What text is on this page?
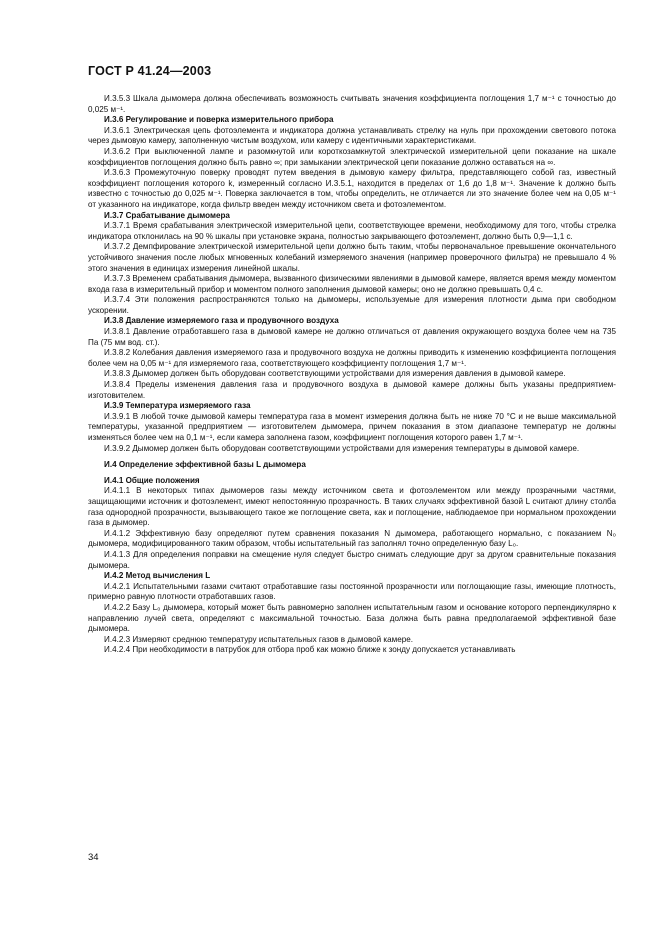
ГОСТ Р 41.24—2003

И.3.5.3 Шкала дымомера должна обеспечивать возможность считывать значения коэффициента поглощения 1,7 м⁻¹ с точностью до 0,025 м⁻¹.

И.3.6 Регулирование и поверка измерительного прибора

И.3.6.1 Электрическая цепь фотоэлемента и индикатора должна устанавливать стрелку на нуль при прохождении светового потока через дымовую камеру, заполненную чистым воздухом, или камеру с идентичными характеристиками.

И.3.6.2 При выключенной лампе и разомкнутой или короткозамкнутой электрической измерительной цепи показание на шкале коэффициентов поглощения должно быть равно ∞; при замыкании электрической цепи показание должно оставаться на ∞.

И.3.6.3 Промежуточную поверку проводят путем введения в дымовую камеру фильтра, представляющего собой газ, известный коэффициент поглощения которого k, измеренный согласно И.3.5.1, находится в пределах от 1,6 до 1,8 м⁻¹. Значение k должно быть известно с точностью до 0,025 м⁻¹. Поверка заключается в том, чтобы определить, не отличается ли это значение более чем на 0,05 м⁻¹ от указанного на индикаторе, когда фильтр введен между источником света и фотоэлементом.

И.3.7 Срабатывание дымомера

И.3.7.1 Время срабатывания электрической измерительной цепи, соответствующее времени, необходимому для того, чтобы стрелка индикатора отклонилась на 90 % шкалы при установке экрана, полностью закрывающего фотоэлемент, должно быть 0,9—1,1 с.

И.3.7.2 Демпфирование электрической измерительной цепи должно быть таким, чтобы первоначальное превышение окончательного устойчивого значения после любых мгновенных колебаний измеряемого значения (например проверочного фильтра) не превышало 4 % этого значения в единицах измерения линейной шкалы.

И.3.7.3 Временем срабатывания дымомера, вызванного физическими явлениями в дымовой камере, является время между моментом входа газа в измерительный прибор и моментом полного заполнения дымовой камеры; оно не должно превышать 0,4 с.

И.3.7.4 Эти положения распространяются только на дымомеры, используемые для измерения плотности дыма при свободном ускорении.

И.3.8 Давление измеряемого газа и продувочного воздуха

И.3.8.1 Давление отработавшего газа в дымовой камере не должно отличаться от давления окружающего воздуха более чем на 735 Па (75 мм вод. ст.).

И.3.8.2 Колебания давления измеряемого газа и продувочного воздуха не должны приводить к изменению коэффициента поглощения более чем на 0,05 м⁻¹ для измеряемого газа, соответствующего коэффициенту поглощения 1,7 м⁻¹.

И.3.8.3 Дымомер должен быть оборудован соответствующими устройствами для измерения давления в дымовой камере.

И.3.8.4 Пределы изменения давления газа и продувочного воздуха в дымовой камере должны быть указаны предприятием-изготовителем.

И.3.9 Температура измеряемого газа

И.3.9.1 В любой точке дымовой камеры температура газа в момент измерения должна быть не ниже 70 °С и не выше максимальной температуры, указанной предприятием — изготовителем дымомера, причем показания в этом диапазоне температур не должны изменяться более чем на 0,1 м⁻¹, если камера заполнена газом, коэффициент поглощения которого равен 1,7 м⁻¹.

И.3.9.2 Дымомер должен быть оборудован соответствующими устройствами для измерения температуры в дымовой камере.

И.4 Определение эффективной базы L дымомера

И.4.1 Общие положения

И.4.1.1 В некоторых типах дымомеров газы между источником света и фотоэлементом или между прозрачными частями, защищающими источник и фотоэлемент, имеют непостоянную прозрачность. В таких случаях эффективной базой L считают длину столба газа однородной прозрачности, вызывающего такое же поглощение света, как и поглощение, наблюдаемое при нормальном прохождении газа в дымомер.

И.4.1.2 Эффективную базу определяют путем сравнения показания N дымомера, работающего нормально, с показанием N₀ дымомера, модифицированного таким образом, чтобы испытательный газ заполнял точно определенную базу L₀.

И.4.1.3 Для определения поправки на смещение нуля следует быстро снимать следующие друг за другом сравнительные показания дымомера.

И.4.2 Метод вычисления L

И.4.2.1 Испытательными газами считают отработавшие газы постоянной прозрачности или поглощающие газы, имеющие плотность, примерно равную плотности отработавших газов.

И.4.2.2 Базу L₀ дымомера, который может быть равномерно заполнен испытательным газом и основание которого перпендикулярно к направлению лучей света, определяют с максимальной точностью. База должна быть равна предполагаемой эффективной базе дымомера.

И.4.2.3 Измеряют среднюю температуру испытательных газов в дымовой камере.

И.4.2.4 При необходимости в патрубок для отбора проб как можно ближе к зонду допускается устанавливать

34
